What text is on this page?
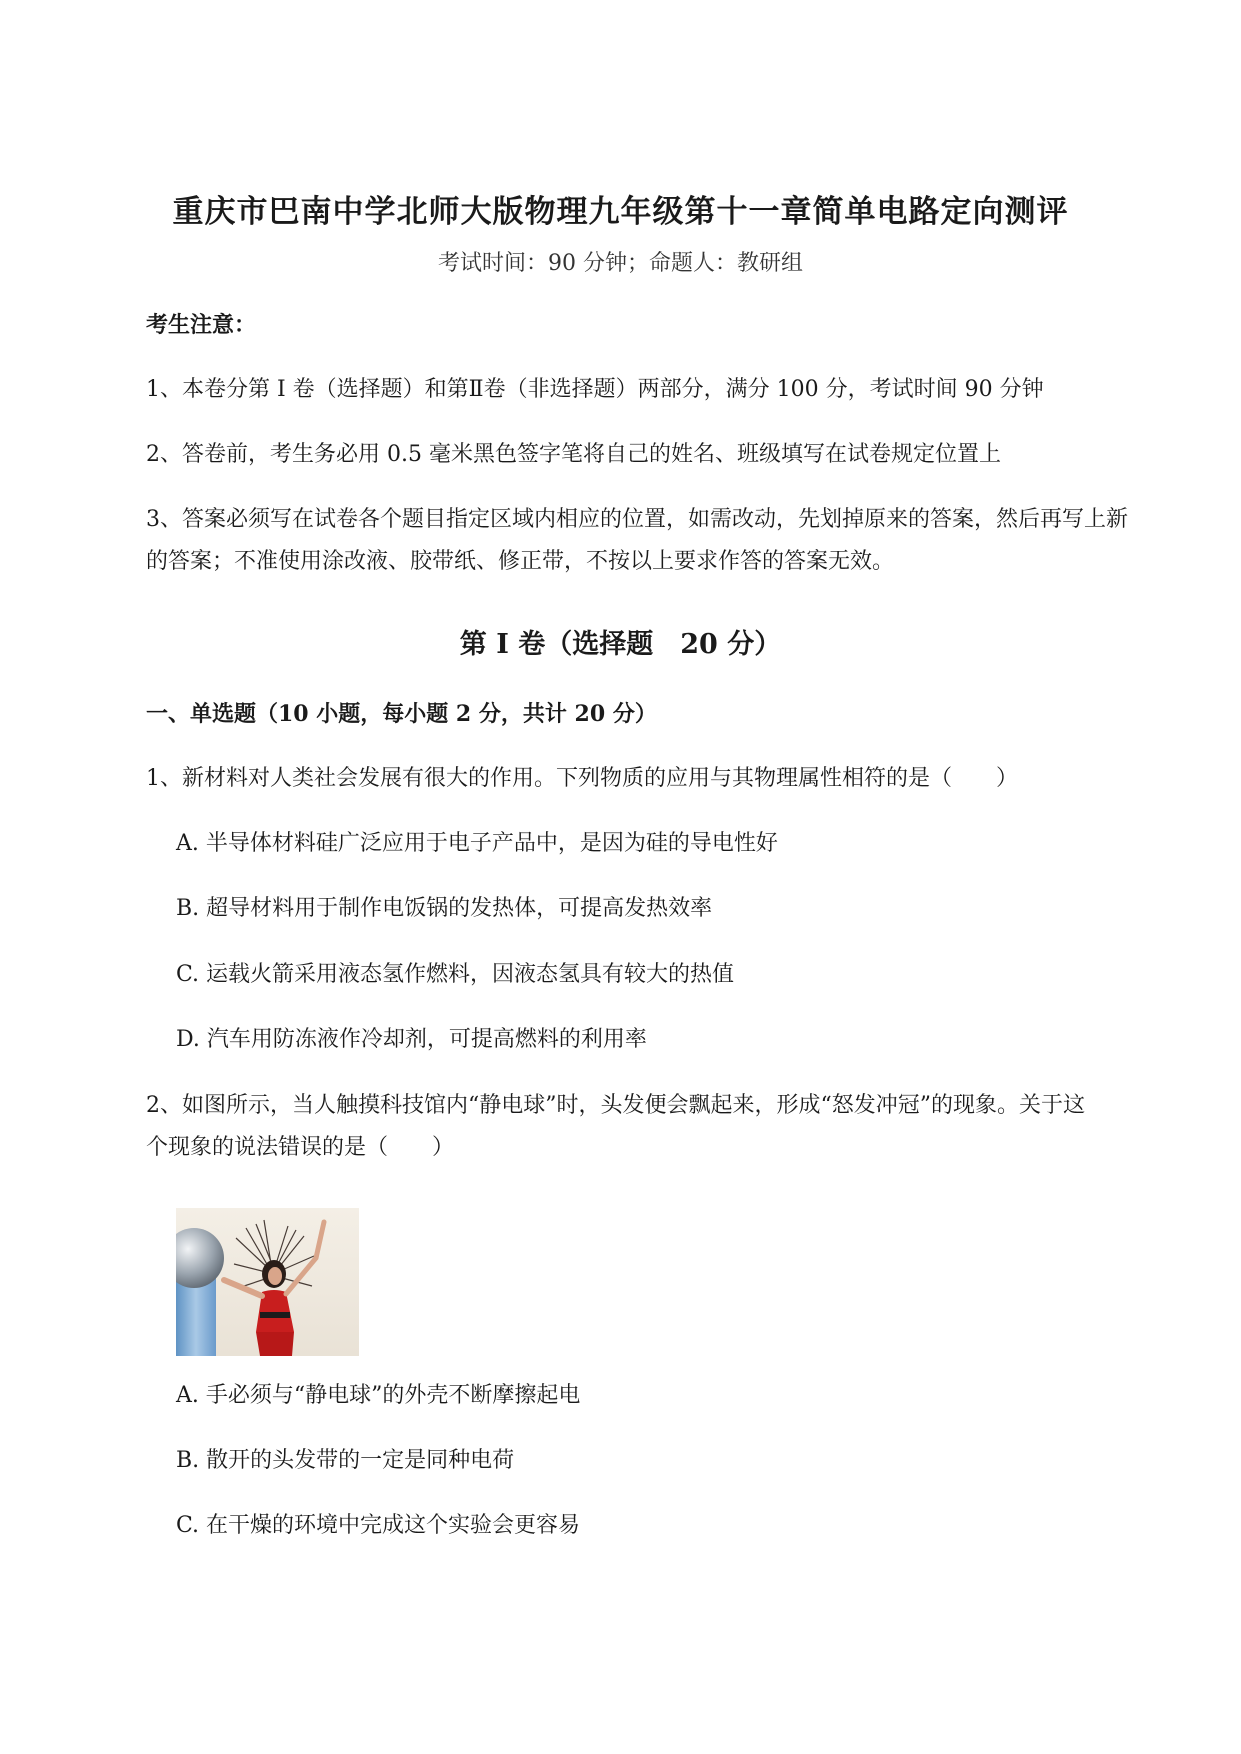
重庆市巴南中学北师大版物理九年级第十一章简单电路定向测评
考试时间：90 分钟；命题人：教研组
考生注意：
1、本卷分第 I 卷（选择题）和第Ⅱ卷（非选择题）两部分，满分 100 分，考试时间 90 分钟
2、答卷前，考生务必用 0.5 毫米黑色签字笔将自己的姓名、班级填写在试卷规定位置上
3、答案必须写在试卷各个题目指定区域内相应的位置，如需改动，先划掉原来的答案，然后再写上新
的答案；不准使用涂改液、胶带纸、修正带，不按以上要求作答的答案无效。
第 I 卷（选择题　20 分）
一、单选题（10 小题，每小题 2 分，共计 20 分）
1、新材料对人类社会发展有很大的作用。下列物质的应用与其物理属性相符的是（　　）
A. 半导体材料硅广泛应用于电子产品中，是因为硅的导电性好
B. 超导材料用于制作电饭锅的发热体，可提高发热效率
C. 运载火箭采用液态氢作燃料，因液态氢具有较大的热值
D. 汽车用防冻液作冷却剂，可提高燃料的利用率
2、如图所示，当人触摸科技馆内“静电球”时，头发便会飘起来，形成“怒发冲冠”的现象。关于这
个现象的说法错误的是（　　）
A. 手必须与“静电球”的外壳不断摩擦起电
B. 散开的头发带的一定是同种电荷
C. 在干燥的环境中完成这个实验会更容易
